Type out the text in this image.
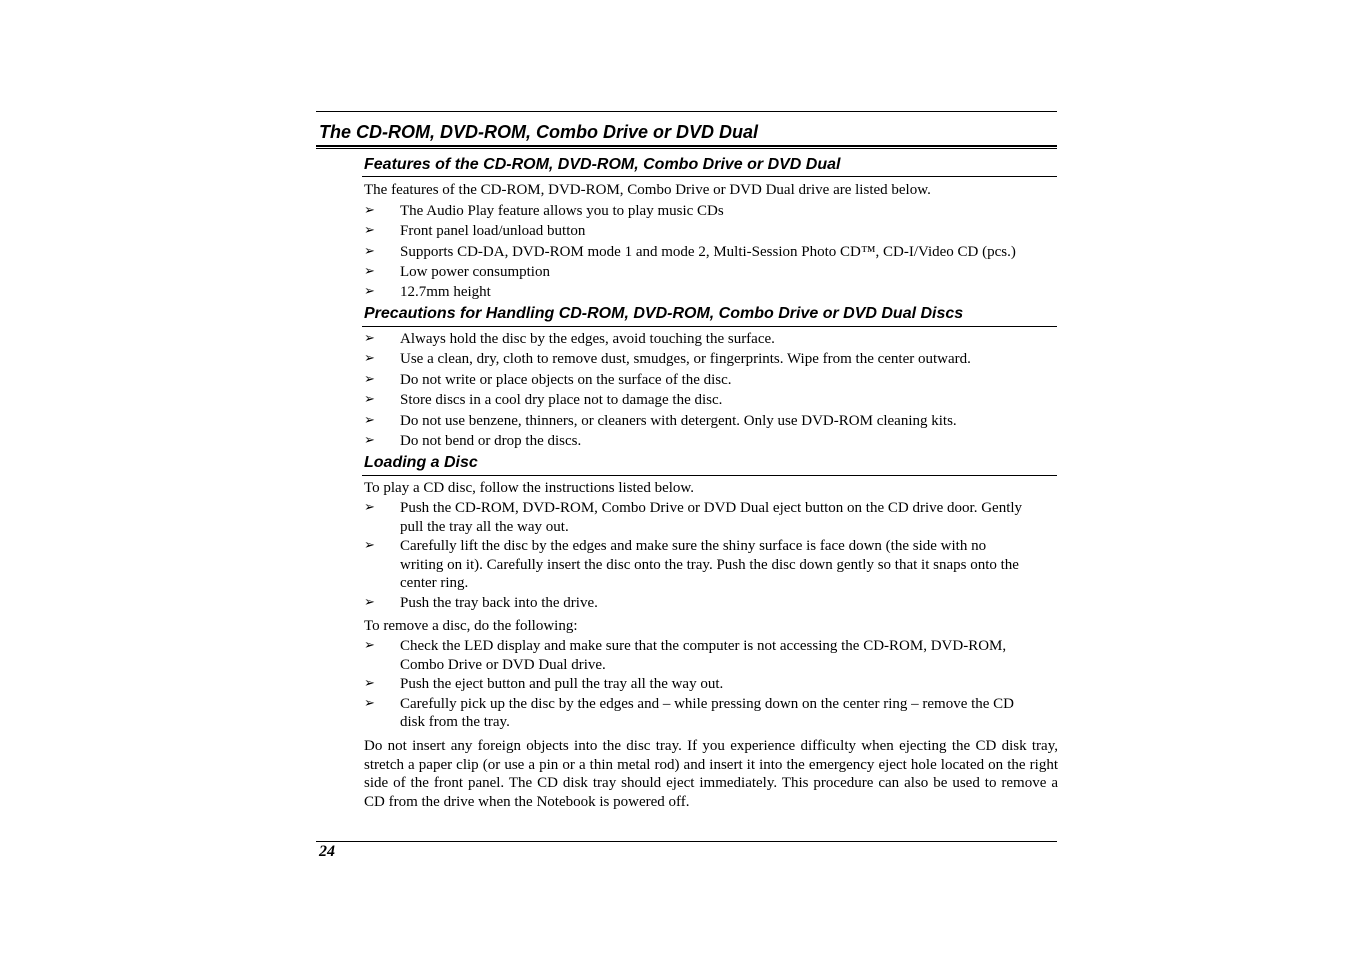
The CD-ROM, DVD-ROM, Combo Drive or DVD Dual
Features of the CD-ROM, DVD-ROM, Combo Drive or DVD Dual

The features of the CD-ROM, DVD-ROM, Combo Drive or DVD Dual drive are listed below.

➢ The Audio Play feature allows you to play music CDs
➢ Front panel load/unload button
➢ Supports CD-DA, DVD-ROM mode 1 and mode 2, Multi-Session Photo CD™, CD-I/Video CD (pcs.)
➢ Low power consumption
➢ 12.7mm height
Precautions for Handling CD-ROM, DVD-ROM, Combo Drive or DVD Dual Discs
➢ Always hold the disc by the edges, avoid touching the surface.
➢ Use a clean, dry, cloth to remove dust, smudges, or fingerprints. Wipe from the center outward.
➢ Do not write or place objects on the surface of the disc.
➢ Store discs in a cool dry place not to damage the disc.
➢ Do not use benzene, thinners, or cleaners with detergent. Only use DVD-ROM cleaning kits.
➢ Do not bend or drop the discs.
Loading a Disc

To play a CD disc, follow the instructions listed below.

➢ Push the CD-ROM, DVD-ROM, Combo Drive or DVD Dual eject button on the CD drive door. Gently pull the tray all the way out.
➢ Carefully lift the disc by the edges and make sure the shiny surface is face down (the side with no writing on it). Carefully insert the disc onto the tray. Push the disc down gently so that it snaps onto the center ring.
➢ Push the tray back into the drive.

To remove a disc, do the following:

➢ Check the LED display and make sure that the computer is not accessing the CD-ROM, DVD-ROM, Combo Drive or DVD Dual drive.
➢ Push the eject button and pull the tray all the way out.
➢ Carefully pick up the disc by the edges and – while pressing down on the center ring – remove the CD disk from the tray.

Do not insert any foreign objects into the disc tray. If you experience difficulty when ejecting the CD disk tray, stretch a paper clip (or use a pin or a thin metal rod) and insert it into the emergency eject hole located on the right side of the front panel. The CD disk tray should eject immediately. This procedure can also be used to remove a CD from the drive when the Notebook is powered off.

24
